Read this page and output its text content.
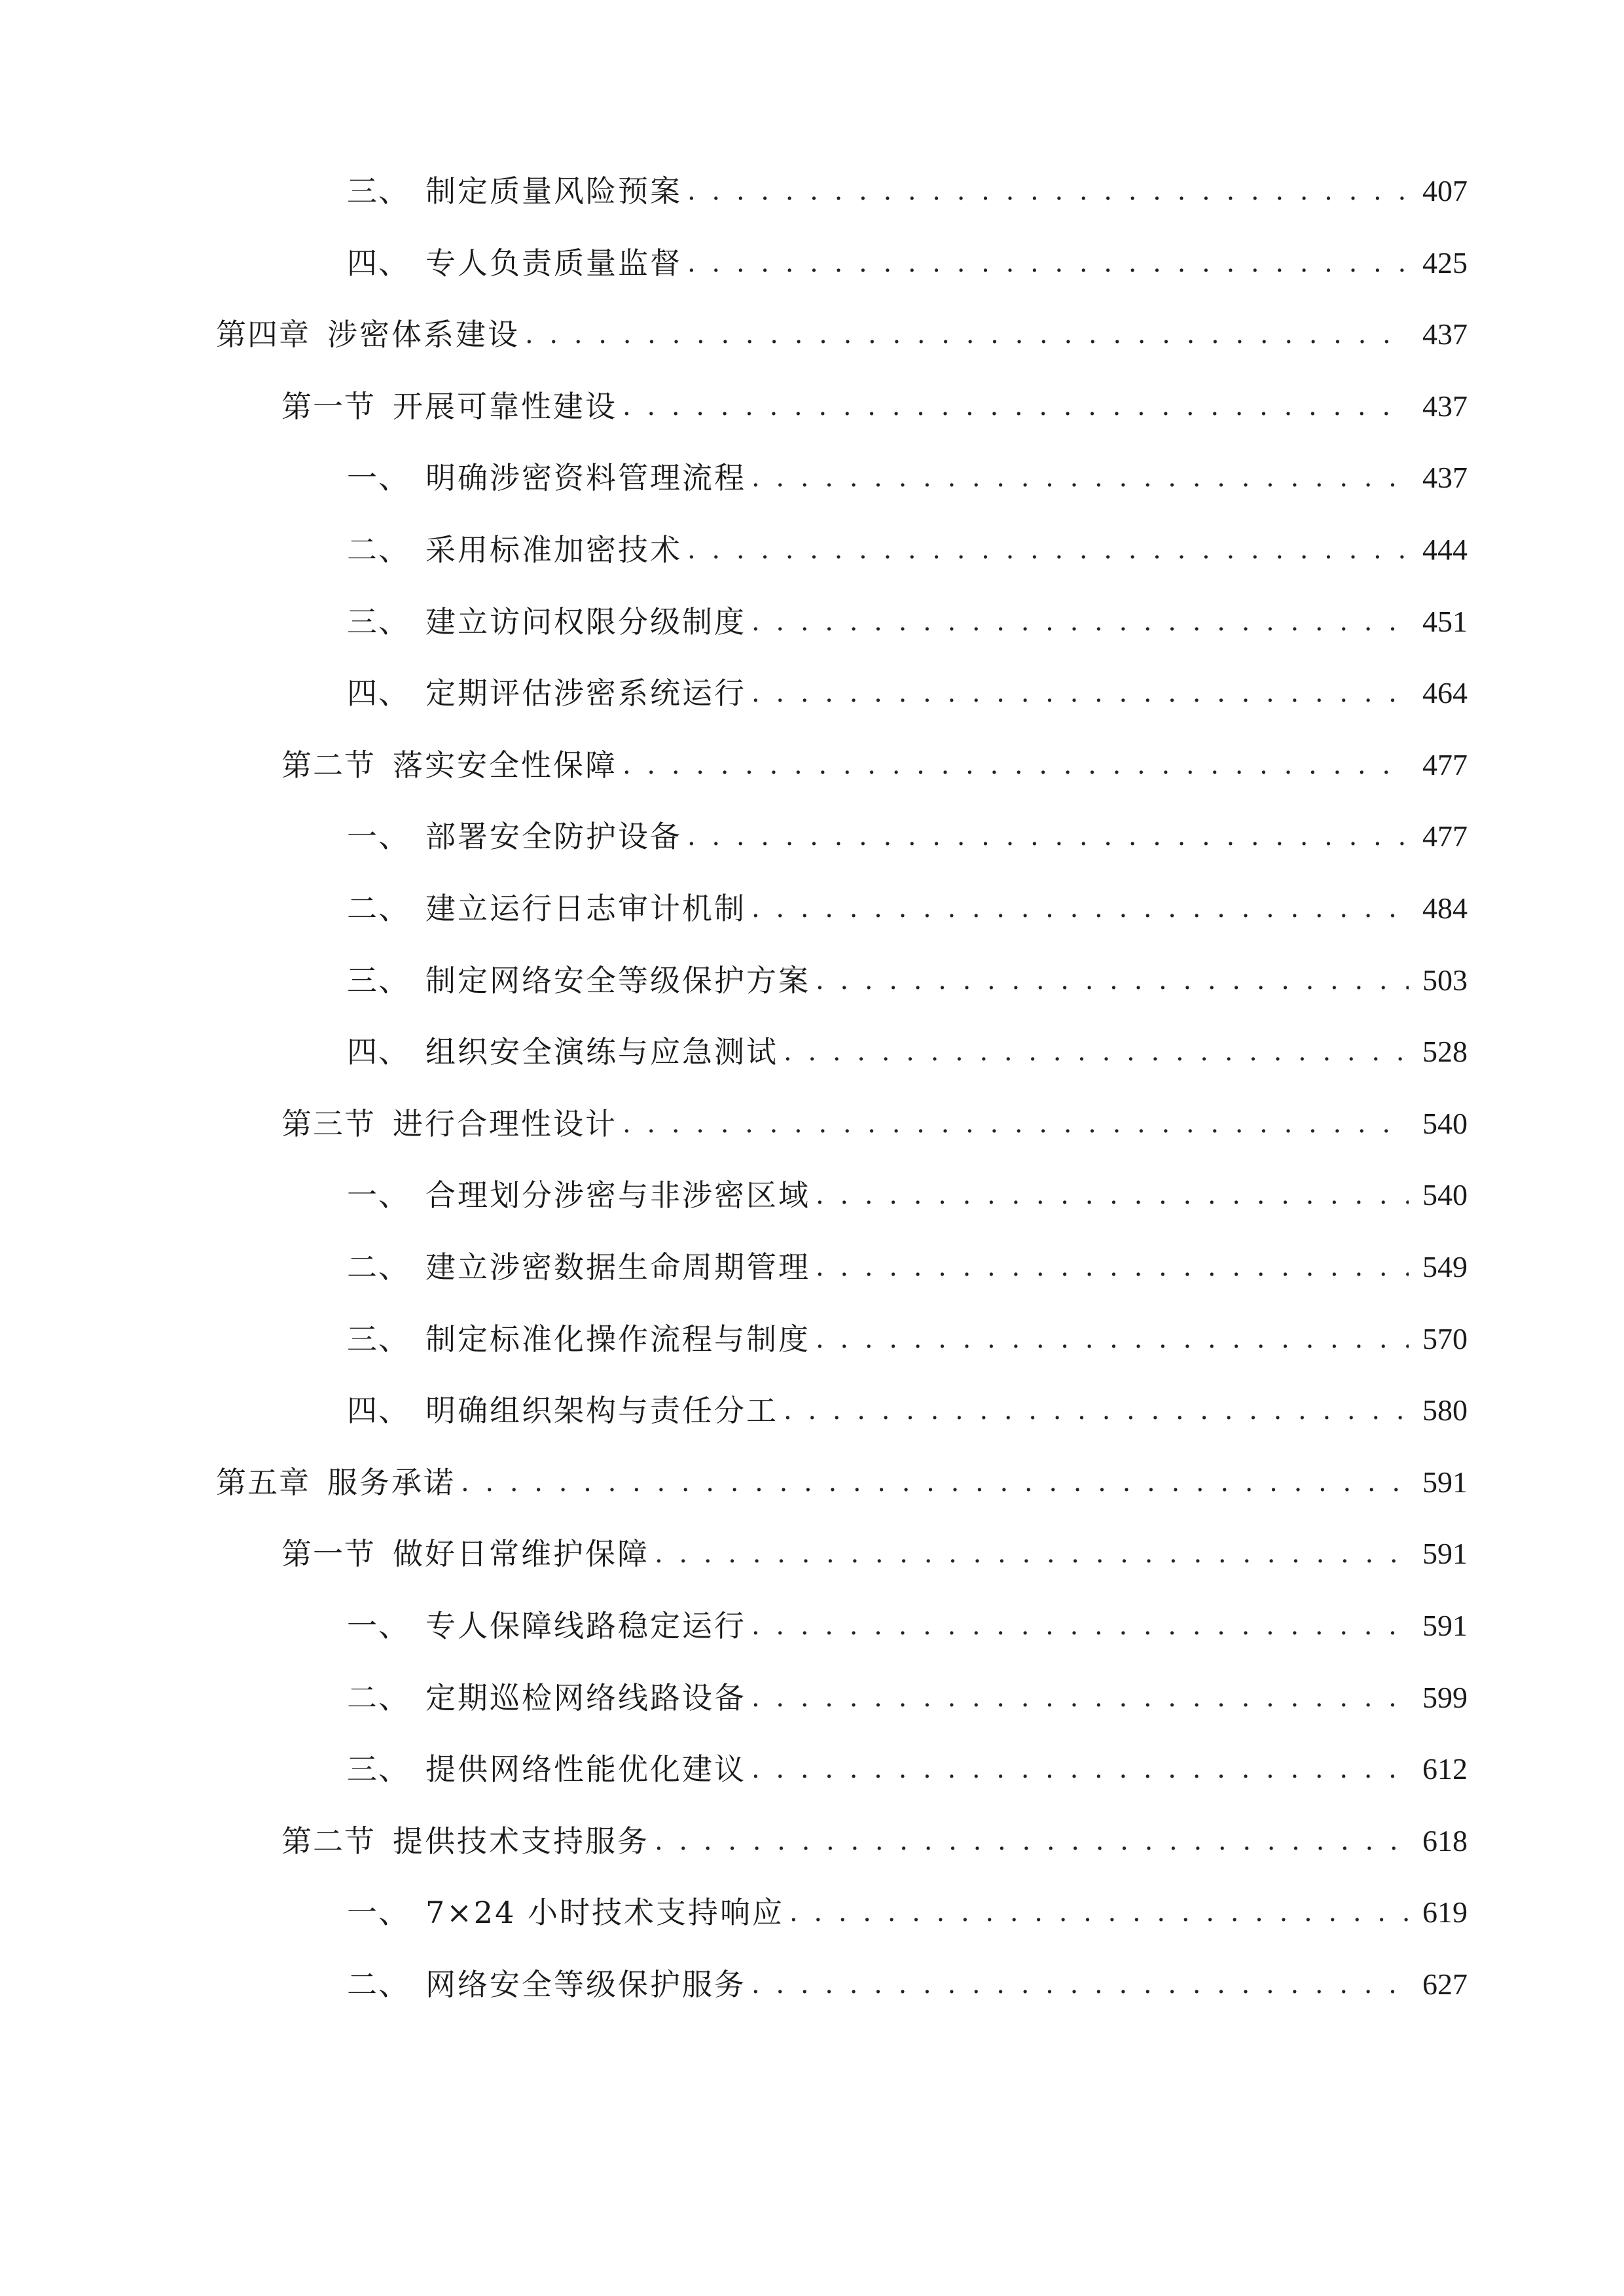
三、 制定质量风险预案 . . .	407
四、 专人负责质量监督 . . .	425
第四章 涉密体系建设 . . .	437
第一节 开展可靠性建设 . . .	437
一、 明确涉密资料管理流程 . . .	437
二、 采用标准加密技术 . . .	444
三、 建立访问权限分级制度 . . .	451
四、 定期评估涉密系统运行 . . .	464
第二节 落实安全性保障 . . .	477
一、 部署安全防护设备 . . .	477
二、 建立运行日志审计机制 . . .	484
三、 制定网络安全等级保护方案 . . .	503
四、 组织安全演练与应急测试 . . .	528
第三节 进行合理性设计 . . .	540
一、 合理划分涉密与非涉密区域 . . .	540
二、 建立涉密数据生命周期管理 . . .	549
三、 制定标准化操作流程与制度 . . .	570
四、 明确组织架构与责任分工 . . .	580
第五章 服务承诺 . . .	591
第一节 做好日常维护保障 . . .	591
一、 专人保障线路稳定运行 . . .	591
二、 定期巡检网络线路设备 . . .	599
三、 提供网络性能优化建议 . . .	612
第二节 提供技术支持服务 . . .	618
一、 7×24 小时技术支持响应 . . .	619
二、 网络安全等级保护服务 . . .	627
